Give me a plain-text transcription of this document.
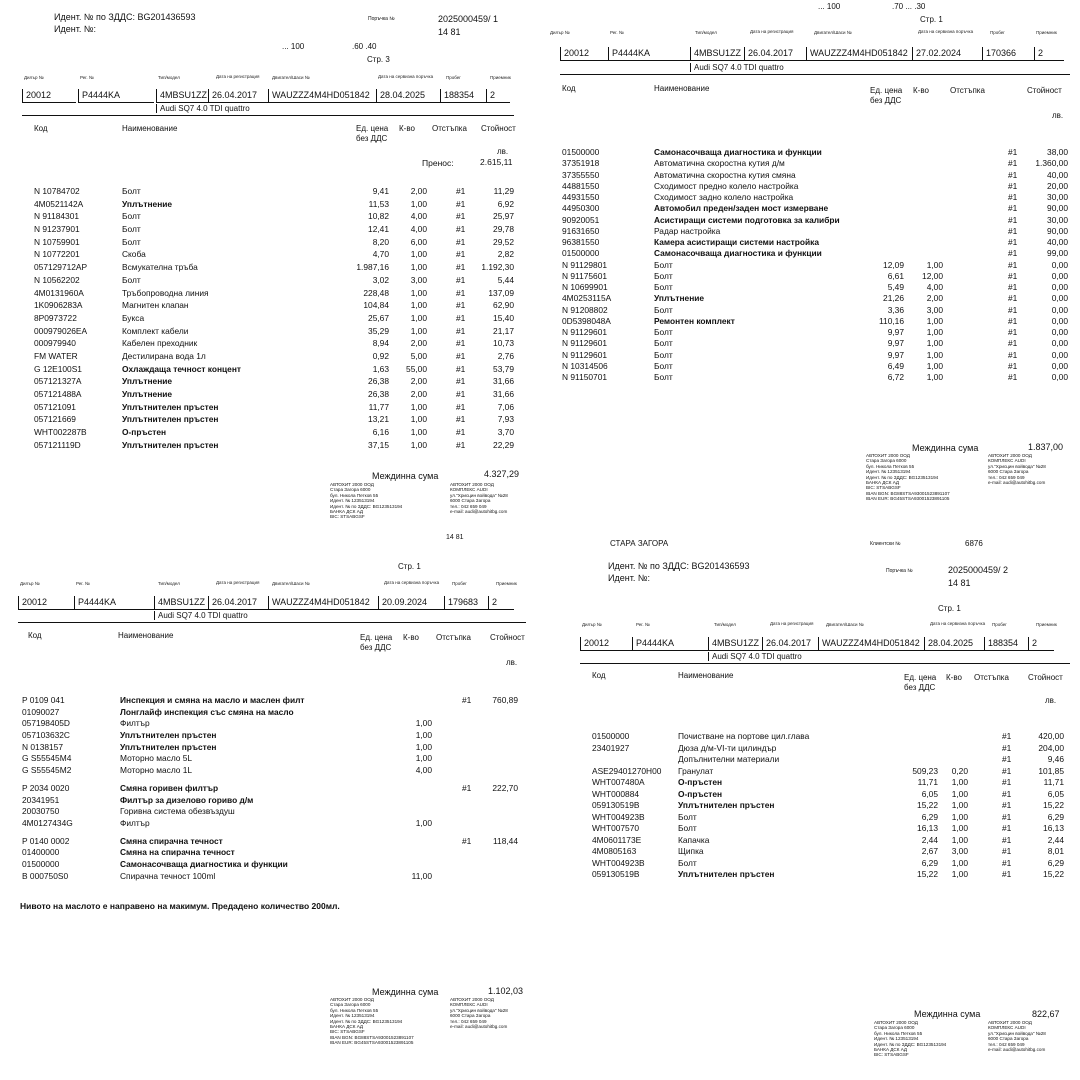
Идент. № по ЗДДС: BG201436593
Идент. №:
Поръчка №	2025000459/ 1
14 81
... 100	.60 .40
Стр. 3
Дилър №	Рег. №	Тип/модел	Дата на регистрация	Двигател/Шаси №	Дата на сервизна поръчка	Пробег	Приемник
20012	P4444KA	4MBSU1ZZ 26.04.2017	WAUZZZ4M4HD051842	28.04.2025	188354	2
Audi SQ7 4.0 TDI quattro
Код	Наименование	Ед. цена без ДДС
К-во Отстъпка Стойност
лв.
Пренос:	2.615,11
N 10784702	Болт	9,41	2,00	#1	11,29
4M0521142A	Уплътнение	11,53	1,00	#1	6,92
N 91184301	Болт	10,82	4,00	#1	25,97
N 91237901	Болт	12,41	4,00	#1	29,78
N 10759901	Болт	8,20	6,00	#1	29,52
N 10772201	Скоба	4,70	1,00	#1	2,82
057129712AP	Всмукателна тръба	1.987,16	1,00	#1 1.192,30
N 10562202	Болт	3,02	3,00	#1	5,44
4M0131960A	Тръбопроводна линия	228,48	1,00	#1	137,09
1K0906283A	Магнитен клапан	104,84	1,00	#1	62,90
8P0973722	Букса	25,67	1,00	#1	15,40
000979026EA	Комплект кабели	35,29	1,00	#1	21,17
000979940	Кабелен преходник	8,94	2,00	#1	10,73
FM WATER	Дестилирана вода 1л	0,92	5,00	#1	2,76
G 12E100S1	Охлаждаща течност концент	1,63 55,00	#1	53,79
057121327A	Уплътнение	26,38	2,00	#1	31,66
057121488A	Уплътнение	26,38	2,00	#1	31,66
057121091	Уплътнителен пръстен	11,77	1,00	#1	7,06
057121669	Уплътнителен пръстен	13,21	1,00	#1	7,93
WHT002287B	О-пръстен	6,16	1,00	#1	3,70
057121119D	Уплътнителен пръстен	37,15	1,00	#1	22,29
Междинна сума	4.327,29
АВТОХИТ 2000 ООД
Стара Загора 6000
бул. Никола Петков 55
Идент. № 123513194
Идент. № по ЗДДС: BG123513194
БАНКА ДСК АД
BIC: STSABGSF
АВТОХИТ 2000 ООД
КОМПЛЕКС AUDI
ул."Хрисцин войвода" №28
6000 Стара Загора
тел.: 042 659 049
e-mail: audi@autohitbg.com
14 81
... 100	.70 ... .30
Стр. 1
Дилър №	Рег. №	Тип/модел	Дата на регистрация	Двигател/Шаси №	Дата на сервизна поръчка	Пробег	Приемник
20012	P4444KA	4MBSU1ZZ 26.04.2017	WAUZZZ4M4HD051842 27.02.2024	170366	2
Audi SQ7 4.0 TDI quattro
Код	Наименование	Ед. цена без ДДС
К-во	Отстъпка	Стойност
лв.
01500000	Самонасочваща диагностика и функции	#1	38,00
37351918	Автоматична скоростна кутия д/м	#1 1.360,00
37355550	Автоматична скоростна кутия смяна	#1	40,00
44881550	Сходимост предно колело настройка	#1	20,00
44931550	Сходимост задно колело настройка	#1	30,00
44950300	Автомобил преден/заден мост измерване	#1	90,00
90920051	Асистиращи системи подготовка за калибри	#1	30,00
91631650	Радар настройка	#1	90,00
96381550	Камера асистиращи системи настройка	#1	40,00
01500000	Самонасочваща диагностика и функции	#1	99,00
N 91129801	Болт	12,09	1,00	#1	0,00
N 91175601	Болт	6,61 12,00	#1	0,00
N 10699901	Болт	5,49	4,00	#1	0,00
4M0253115A	Уплътнение	21,26	2,00	#1	0,00
N 91208802	Болт	3,36	3,00	#1	0,00
0D5398048A	Ремонтен комплект	110,16	1,00	#1	0,00
N 91129601	Болт	9,97	1,00	#1	0,00
N 91129601	Болт	9,97	1,00	#1	0,00
N 91129601	Болт	9,97	1,00	#1	0,00
N 10314506	Болт	6,49	1,00	#1	0,00
N 91150701	Болт	6,72	1,00	#1	0,00
Междинна сума	1.837,00
АВТОХИТ 2000 ООД
Стара Загора 6000
бул. Никола Петков 55
Идент. № 123513194
Идент. № по ЗДДС: BG123513194
БАНКА ДСК АД
BIC: STSABGSF
IBAN BGN: BG88STSA93001523891107
IBAN EUR: BG45STSA93001523891105
АВТОХИТ 2000 ООД
КОМПЛЕКС AUDI
ул."Хрисцин войвода" №28
6000 Стара Загора
тел.: 042 659 049
e-mail: audi@autohitbg.com
Стр. 1
Дилър №	Рег. №	Тип/модел	Дата на регистрация	Двигател/Шаси №	Дата на сервизна поръчка	Пробег	Приемник
20012	P4444KA	4MBSU1ZZ 26.04.2017	WAUZZZ4M4HD051842	20.09.2024	179683	2
Audi SQ7 4.0 TDI quattro
Код	Наименование	Ед. цена без ДДС
К-во Отстъпка Стойност
лв.
P 0109 041	Инспекция и смяна на масло и маслен филт	#1	760,89
01090027	Лонглайф инспекция със смяна на масло
057198405D	Филтър	1,00
057103632C	Уплътнителен пръстен	1,00
N 0138157	Уплътнителен пръстен	1,00
G S55545M4	Моторно масло 5L	1,00
G S55545M2	Моторно масло 1L	4,00
P 2034 0020	Смяна горивен филтър	#1	222,70
20341951	Филтър за дизелово гориво д/м
20030750	Горивна система обезвъздуш
4M0127434G	Филтър	1,00
P 0140 0002	Смяна спирачна течност	#1	118,44
01400000	Смяна на спирачна течност
01500000	Самонасочваща диагностика и функции
B 000750S0	Спирачна течност 100ml	11,00
Нивото на маслото е направено на макимум. Предадено количество 200мл.
Междинна сума	1.102,03
АВТОХИТ 2000 ООД
Стара Загора 6000
бул. Никола Петков 55
Идент. № 123513194
Идент. № по ЗДДС: BG123513194
БАНКА ДСК АД
BIC: STSABGSF
IBAN BGN: BG88STSA93001523891107
IBAN EUR: BG45STSA93001523891105
АВТОХИТ 2000 ООД
КОМПЛЕКС AUDI
ул."Хрисцин войвода" №28
6000 Стара Загора
тел.: 042 659 049
e-mail: audi@autohitbg.com
СТАРА ЗАГОРА	Клиентски №	6876
Идент. № по ЗДДС: BG201436593
Идент. №:
Поръчка №	2025000459/ 2
14 81
Стр. 1
Дилър №	Рег. №	Тип/модел	Дата на регистрация	Двигател/Шаси №	Дата на сервизна поръчка	Пробег	Приемник
20012	P4444KA	4MBSU1ZZ 26.04.2017	WAUZZZ4M4HD051842 28.04.2025	188354	2
Audi SQ7 4.0 TDI quattro
Код	Наименование	Ед. цена без ДДС
К-во Отстъпка Стойност
лв.
01500000	Почистване на портове цил.глава	#1	420,00
23401927	Дюза д/м-VI-ти цилиндър	#1	204,00
Допълнителни материали	#1	9,46
ASE29401270H00 Гранулат	509,23 0,20	#1	101,85
WHT007480A	О-пръстен	11,71 1,00	#1	11,71
WHT000884	О-пръстен	6,05 1,00	#1	6,05
059130519B	Уплътнителен пръстен	15,22 1,00	#1	15,22
WHT004923B	Болт	6,29 1,00	#1	6,29
WHT007570	Болт	16,13 1,00	#1	16,13
4M0601173E	Капачка	2,44 1,00	#1	2,44
4M0805163	Щипка	2,67 3,00	#1	8,01
WHT004923B	Болт	6,29 1,00	#1	6,29
059130519B	Уплътнителен пръстен	15,22 1,00	#1	15,22
Междинна сума	822,67
АВТОХИТ 2000 ООД
Стара Загора 6000
бул. Никола Петков 55
Идент. № 123513194
Идент. № по ЗДДС: BG123513194
БАНКА ДСК АД
BIC: STSABGSF
АВТОХИТ 2000 ООД
КОМПЛЕКС AUDI
ул."Хрисцин войвода" №28
6000 Стара Загора
тел.: 042 659 049
e-mail: audi@autohitbg.com
